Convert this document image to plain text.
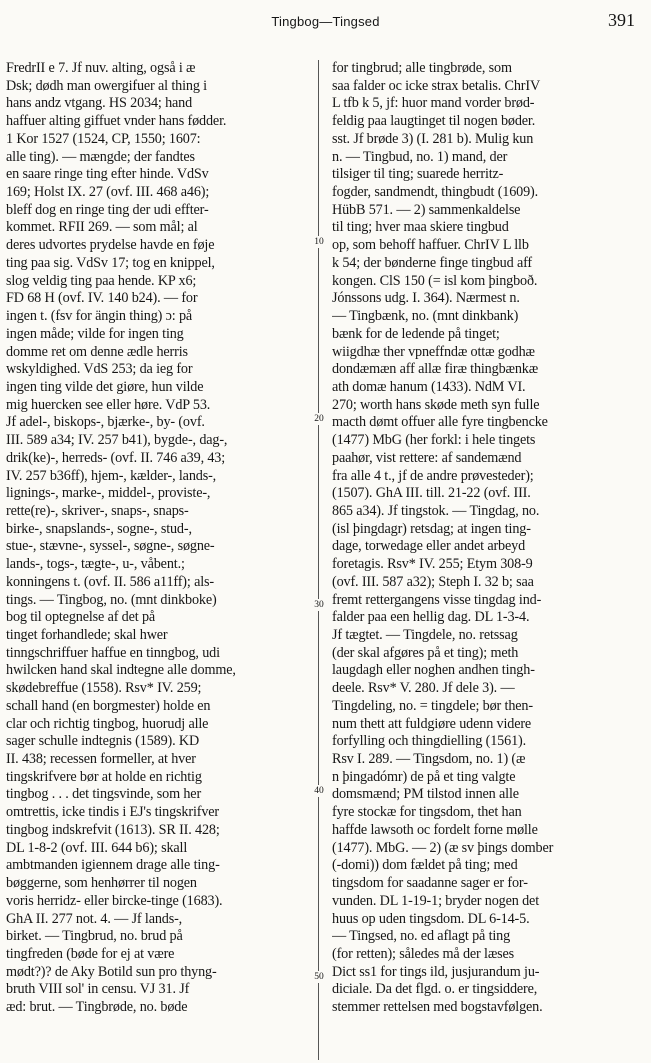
Tingbog—Tingsed	391
10
20
30
40
50
FredrII e 7. Jf nuv. alting, også i æ
Dsk; dødh man owergifuer al thing i
hans andz vtgang. HS 2034; hand
haffuer alting giffuet vnder hans fødder.
1 Kor 1527 (1524, CP, 1550; 1607:
alle ting). — mængde; der fandtes
en saare ringe ting efter hinde. VdSv
169; Holst IX. 27 (ovf. III. 468 a46);
bleff dog en ringe ting der udi effter-
kommet. RFII 269. — som mål; al
deres udvortes prydelse havde en føje
ting paa sig. VdSv 17; tog en knippel,
slog veldig ting paa hende. KP x6;
FD 68 H (ovf. IV. 140 b24). — for
ingen t. (fsv for ängin thing) ɔ: på
ingen måde; vilde for ingen ting
domme ret om denne ædle herris
wskyldighed. VdS 253; da ieg for
ingen ting vilde det giøre, hun vilde
mig huercken see eller høre. VdP 53.
Jf adel-, biskops-, bjærke-, by- (ovf.
III. 589 a34; IV. 257 b41), bygde-, dag-,
drik(ke)-, herreds- (ovf. II. 746 a39, 43;
IV. 257 b36ff), hjem-, kælder-, lands-,
lignings-, marke-, middel-, proviste-,
rette(re)-, skriver-, snaps-, snaps-
birke-, snapslands-, sogne-, stud-,
stue-, stævne-, syssel-, søgne-, søgne-
lands-, togs-, tægte-, u-, våbent.;
konningens t. (ovf. II. 586 a11ff); als-
tings. — Tingbog, no. (mnt dinkboke)
bog til optegnelse af det på
tinget forhandlede; skal hwer
tinngschriffuer haffue en tinngbog, udi
hwilcken hand skal indtegne alle domme,
skødebreffue (1558). Rsv* IV. 259;
schall hand (en borgmester) holde en
clar och richtig tingbog, huorudj alle
sager schulle indtegnis (1589). KD
II. 438; recessen formeller, at hver
tingskrifvere bør at holde en richtig
tingbog . . . det tingsvinde, som her
omtrettis, icke tindis i EJ's tingskrifver
tingbog indskrefvit (1613). SR II. 428;
DL 1-8-2 (ovf. III. 644 b6); skall
ambtmanden igiennem drage alle ting-
bøggerne, som henhørrer til nogen
voris herridz- eller bircke-tinge (1683).
GhA II. 277 not. 4. — Jf lands-,
birket. — Tingbrud, no. brud på
tingfreden (bøde for ej at være
mødt?)? de Aky Botild sun pro thyng-
bruth VIII sol' in censu. VJ 31. Jf
æd: brut. — Tingbrøde, no. bøde
for tingbrud; alle tingbrøde, som
saa falder oc icke strax betalis. ChrIV
L tfb k 5, jf: huor mand vorder brød-
feldig paa laugtinget til nogen bøder.
sst. Jf brøde 3) (I. 281 b). Mulig kun
n. — Tingbud, no. 1) mand, der
tilsiger til ting; suarede herritz-
fogder, sandmendt, thingbudt (1609).
HübB 571. — 2) sammenkaldelse
til ting; hver maa skiere tingbud
op, som behoff haffuer. ChrIV L llb
k 54; der bønderne finge tingbud aff
kongen. ClS 150 (= isl kom þingboð.
Jónssons udg. I. 364). Nærmest n.
— Tingbænk, no. (mnt dinkbank)
bænk for de ledende på tinget;
wiigdhæ ther vpneffndæ ottæ godhæ
dondæmæn aff allæ firæ thingbænkæ
ath domæ hanum (1433). NdM VI.
270; worth hans skøde meth syn fulle
macth dømt offuer alle fyre tingbencke
(1477) MbG (her forkl: i hele tingets
paahør, vist rettere: af sandemænd
fra alle 4 t., jf de andre prøvesteder);
(1507). GhA III. till. 21-22 (ovf. III.
865 a34). Jf tingstok. — Tingdag, no.
(isl þingdagr) retsdag; at ingen ting-
dage, torwedage eller andet arbeyd
foretagis. Rsv* IV. 255; Etym 308-9
(ovf. III. 587 a32); Steph I. 32 b; saa
fremt rettergangens visse tingdag ind-
falder paa een hellig dag. DL 1-3-4.
Jf tægtet. — Tingdele, no. retssag
(der skal afgøres på et ting); meth
laugdagh eller noghen andhen tingh-
deele. Rsv* V. 280. Jf dele 3). —
Tingdeling, no. = tingdele; bør then-
num thett att fuldgiøre udenn videre
forfylling och thingdielling (1561).
Rsv I. 289. — Tingsdom, no. 1) (æ
n þingadómr) de på et ting valgte
domsmænd; PM tilstod innen alle
fyre stockæ for tingsdom, thet han
haffde lawsoth oc fordelt forne mølle
(1477). MbG. — 2) (æ sv þings domber
(-domi)) dom fældet på ting; med
tingsdom for saadanne sager er for-
vunden. DL 1-19-1; bryder nogen det
huus op uden tingsdom. DL 6-14-5.
— Tingsed, no. ed aflagt på ting
(for retten); således må der læses
Dict ss1 for tings ild, jusjurandum ju-
diciale. Da det flgd. o. er tingsiddere,
stemmer rettelsen med bogstavfølgen.
